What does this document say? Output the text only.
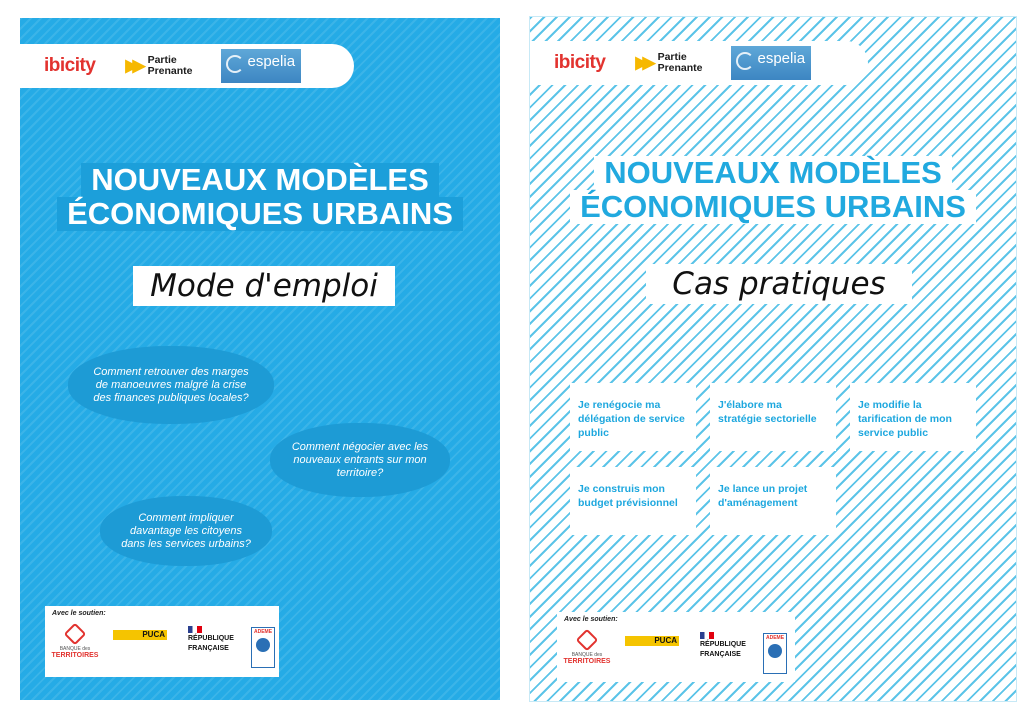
ibicity ▶▶ Partie
Prenante
espelia
NOUVEAUX MODÈLES
ÉCONOMIQUES URBAINS
Mode d'emploi
Comment retrouver des marges de manoeuvres malgré la crise des finances publiques locales?
Comment négocier avec les nouveaux entrants sur mon territoire?
Comment impliquer davantage les citoyens dans les services urbains?
Avec le soutien:
BANQUE des
TERRITOIRES
PUCA	RÉPUBLIQUE
FRANÇAISE
ADEME
ibicity ▶▶ Partie
Prenante
espelia
NOUVEAUX MODÈLES
ÉCONOMIQUES URBAINS
Cas pratiques
Je renégocie ma délégation de service public
J'élabore ma stratégie sectorielle
Je modifie la tarification de mon service public
Je construis mon budget prévisionnel
Je lance un projet d'aménagement
Avec le soutien:
BANQUE des
TERRITOIRES
PUCA	RÉPUBLIQUE
FRANÇAISE
ADEME
